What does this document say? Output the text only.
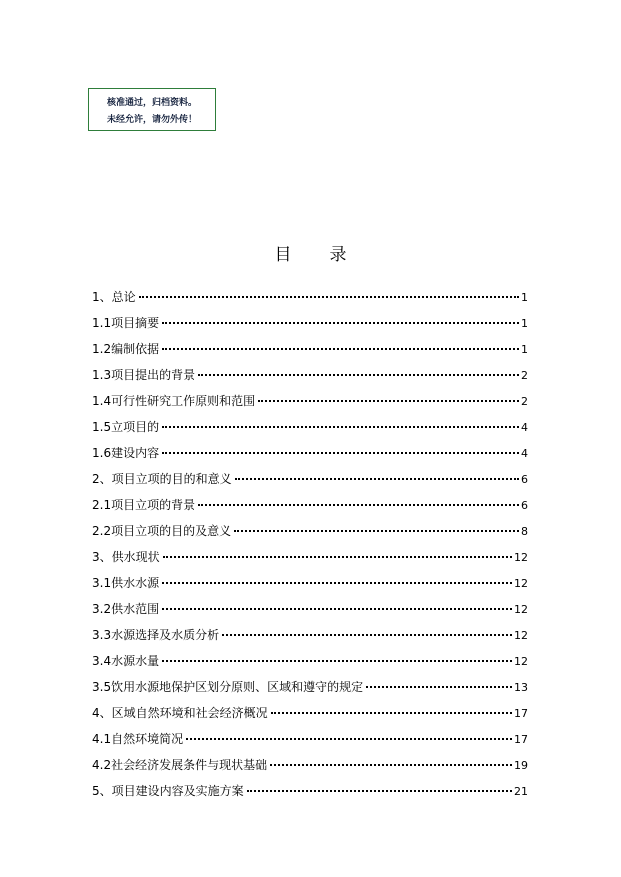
核准通过，归档资料。
未经允许，请勿外传！
目 录
1、总论	1
1.1项目摘要	1
1.2编制依据	1
1.3项目提出的背景	2
1.4可行性研究工作原则和范围	2
1.5立项目的	4
1.6建设内容	4
2、项目立项的目的和意义	6
2.1项目立项的背景	6
2.2项目立项的目的及意义	8
3、供水现状	12
3.1供水水源	12
3.2供水范围	12
3.3水源选择及水质分析	12
3.4水源水量	12
3.5饮用水源地保护区划分原则、区域和遵守的规定	13
4、区域自然环境和社会经济概况	17
4.1自然环境简况	17
4.2社会经济发展条件与现状基础	19
5、项目建设内容及实施方案	21
